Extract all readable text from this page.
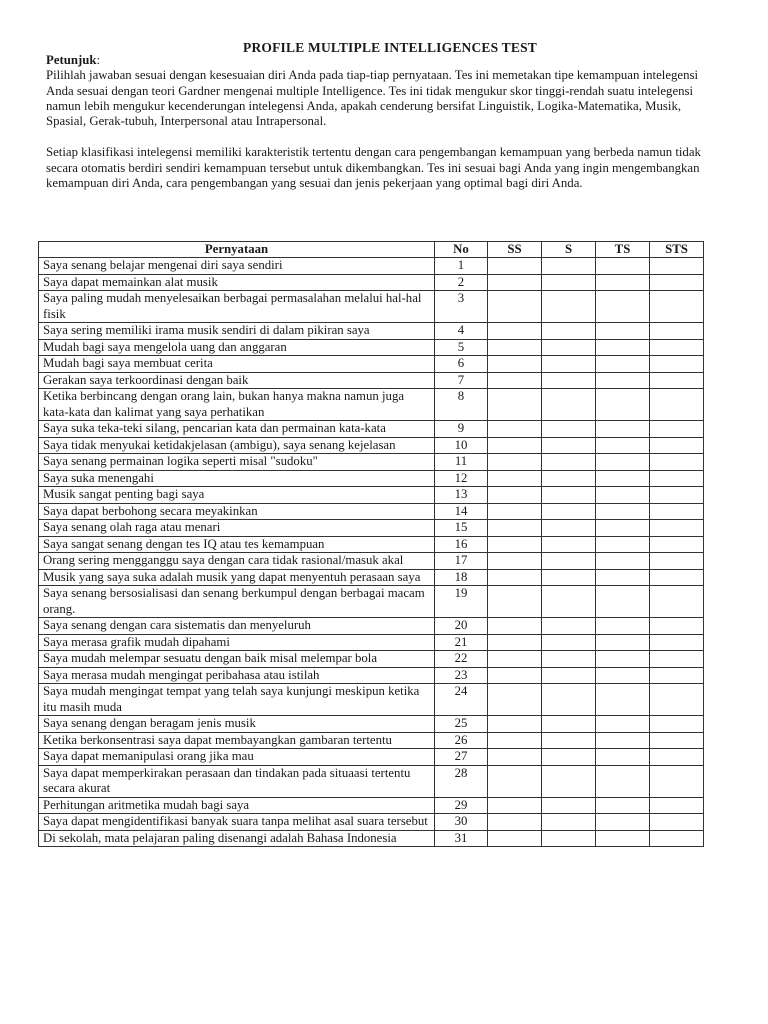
PROFILE MULTIPLE INTELLIGENCES TEST
Petunjuk:

Pilihlah jawaban sesuai dengan kesesuaian diri Anda pada tiap-tiap pernyataan. Tes ini memetakan tipe kemampuan intelegensi Anda sesuai dengan teori Gardner mengenai multiple Intelligence. Tes ini tidak mengukur skor tinggi-rendah suatu intelegensi namun lebih mengukur kecenderungan intelegensi Anda, apakah cenderung bersifat Linguistik, Logika-Matematika, Musik, Spasial, Gerak-tubuh, Interpersonal atau Intrapersonal.

Setiap klasifikasi intelegensi memiliki karakteristik tertentu dengan cara pengembangan kemampuan yang berbeda namun tidak secara otomatis berdiri sendiri kemampuan tersebut untuk dikembangkan. Tes ini sesuai bagi Anda yang ingin mengembangkan kemampuan diri Anda, cara pengembangan yang sesuai dan jenis pekerjaan yang optimal bagi diri Anda.

Pernyataan	No	SS	S	TS	STS
Saya senang belajar mengenai diri saya sendiri	1				
Saya dapat memainkan alat musik	2				
Saya paling mudah menyelesaikan berbagai permasalahan melalui hal-hal fisik	3				
Saya sering memiliki irama musik sendiri di dalam pikiran saya	4				
Mudah bagi saya mengelola uang dan anggaran	5				
Mudah bagi saya membuat cerita	6				
Gerakan saya terkoordinasi dengan baik	7				
Ketika berbincang dengan orang lain, bukan hanya makna namun juga kata-kata dan kalimat yang saya perhatikan	8				
Saya suka teka-teki silang, pencarian kata dan permainan kata-kata	9				
Saya tidak menyukai ketidakjelasan (ambigu), saya senang kejelasan	10				
Saya senang permainan logika seperti misal "sudoku"	11				
Saya suka menengahi	12				
Musik sangat penting bagi saya	13				
Saya dapat berbohong secara meyakinkan	14				
Saya senang olah raga atau menari	15				
Saya sangat senang dengan tes IQ atau tes kemampuan	16				
Orang sering mengganggu saya dengan cara tidak rasional/masuk akal	17				
Musik yang saya suka adalah musik yang dapat menyentuh perasaan saya	18				
Saya senang bersosialisasi dan senang berkumpul dengan berbagai macam orang.	19				
Saya senang dengan cara sistematis dan menyeluruh	20				
Saya merasa grafik mudah dipahami	21				
Saya mudah melempar sesuatu dengan baik misal melempar bola	22				
Saya merasa mudah mengingat peribahasa atau istilah	23				
Saya mudah mengingat tempat yang telah saya kunjungi meskipun ketika itu masih muda	24				
Saya senang dengan beragam jenis musik	25				
Ketika berkonsentrasi saya dapat membayangkan gambaran tertentu	26				
Saya dapat memanipulasi orang jika mau	27				
Saya dapat memperkirakan perasaan dan tindakan pada situaasi tertentu secara akurat	28				
Perhitungan aritmetika mudah bagi saya	29				
Saya dapat mengidentifikasi banyak suara tanpa melihat asal suara tersebut	30				
Di sekolah, mata pelajaran paling disenangi adalah Bahasa Indonesia	31				
